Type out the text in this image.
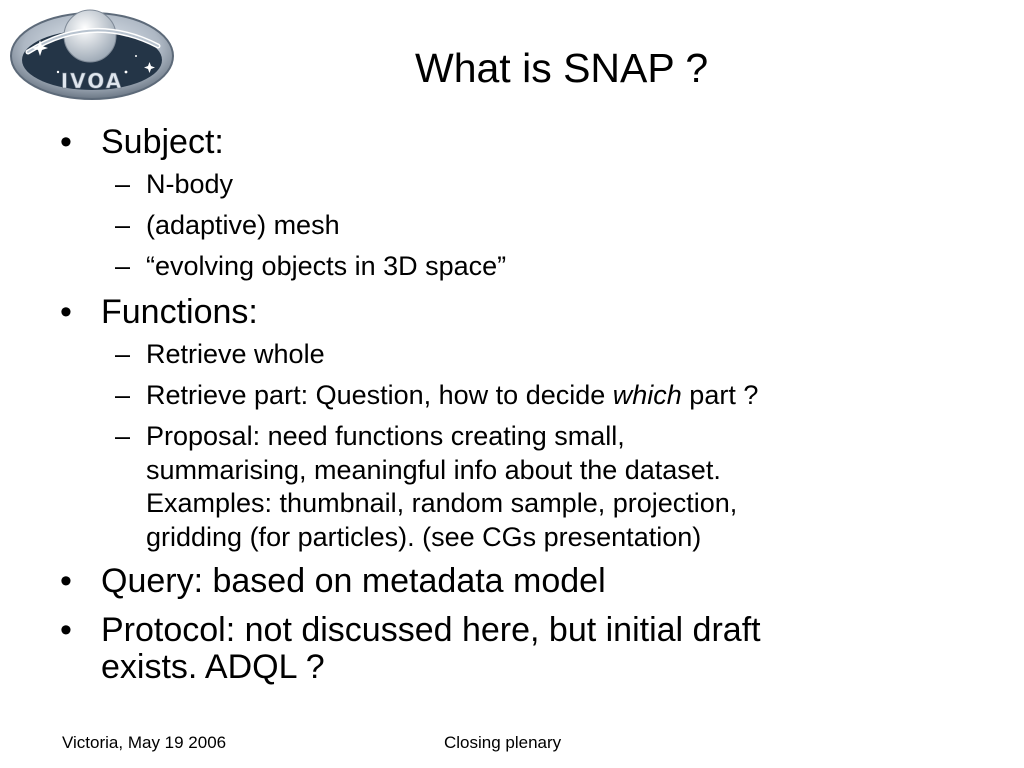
IVOA	What is SNAP ?
• Subject:
– N-body
– (adaptive) mesh
– “evolving objects in 3D space”
• Functions:
– Retrieve whole
– Retrieve part: Question, how to decide which part ?
– Proposal: need functions creating small,
summarising, meaningful info about the dataset.
Examples: thumbnail, random sample, projection,
gridding (for particles). (see CGs presentation)
• Query: based on metadata model
• Protocol: not discussed here, but initial draft
exists. ADQL ?
Victoria, May 19 2006	Closing plenary
